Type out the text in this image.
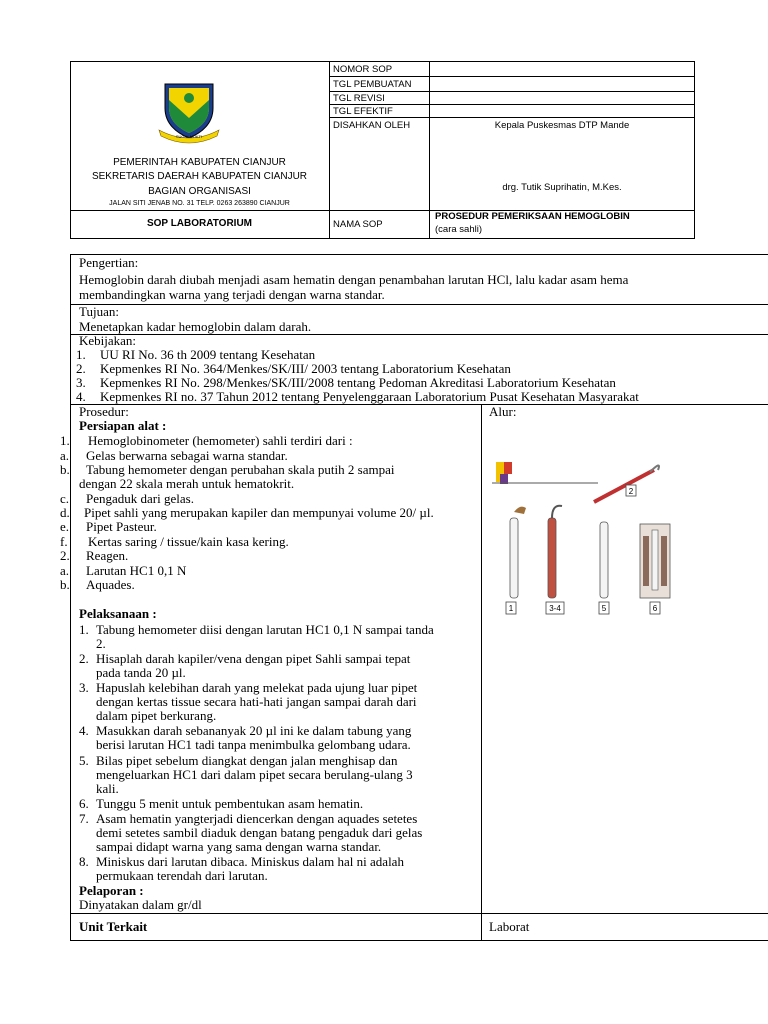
SUGIH MUKTI
PEMERINTAH KABUPATEN CIANJUR
SEKRETARIS DAERAH KABUPATEN CIANJUR
BAGIAN ORGANISASI
JALAN SITI JENAB NO. 31 TELP. 0263 263890 CIANJUR
SOP LABORATORIUM
NOMOR SOP
TGL PEMBUATAN
TGL REVISI
TGL EFEKTIF
DISAHKAN OLEH	Kepala Puskesmas DTP Mande
drg. Tutik Suprihatin, M.Kes.
NAMA SOP
PROSEDUR PEMERIKSAAN HEMOGLOBIN
(cara sahli)
Pengertian:
Hemoglobin darah diubah menjadi asam hematin dengan penambahan larutan HCl, lalu kadar asam hema
membandingkan warna yang terjadi dengan warna standar.
Tujuan:
Menetapkan kadar hemoglobin dalam darah.
Kebijakan:
1. UU RI No. 36 th 2009 tentang Kesehatan
2. Kepmenkes RI No. 364/Menkes/SK/III/ 2003 tentang Laboratorium Kesehatan
3. Kepmenkes RI No. 298/Menkes/SK/III/2008 tentang Pedoman Akreditasi Laboratorium Kesehatan
4. Kepmenkes RI no. 37 Tahun 2012 tentang Penyelenggaraan Laboratorium Pusat Kesehatan Masyarakat
Prosedur:
Persiapan alat :
1. Hemoglobinometer (hemometer) sahli terdiri dari :
a. Gelas berwarna sebagai warna standar.
b. Tabung hemometer dengan perubahan skala putih 2 sampai
dengan 22 skala merah untuk hematokrit.
c. Pengaduk dari gelas.
d. Pipet sahli yang merupakan kapiler dan mempunyai volume 20/ µl.
e. Pipet Pasteur.
f. Kertas saring / tissue/kain kasa kering.
2. Reagen.
a. Larutan HC1 0,1 N
b. Aquades.
Pelaksanaan :
1. Tabung hemometer diisi dengan larutan HC1 0,1 N sampai tanda
2.
2. Hisaplah darah kapiler/vena dengan pipet Sahli sampai tepat
pada tanda 20 µl.
3. Hapuslah kelebihan darah yang melekat pada ujung luar pipet
dengan kertas tissue secara hati-hati jangan sampai darah dari
dalam pipet berkurang.
4. Masukkan darah sebananyak 20 µl ini ke dalam tabung yang
berisi larutan HC1 tadi tanpa menimbulka gelombang udara.
5. Bilas pipet sebelum diangkat dengan jalan menghisap dan
mengeluarkan HC1 dari dalam pipet secara berulang-ulang 3
kali.
6. Tunggu 5 menit untuk pembentukan asam hematin.
7. Asam hematin yangterjadi diencerkan dengan aquades setetes
demi setetes sambil diaduk dengan batang pengaduk dari gelas
sampai didapt warna yang sama dengan warna standar.
8. Miniskus dari larutan dibaca. Miniskus dalam hal ni adalah
permukaan terendah dari larutan.
Pelaporan :
Dinyatakan dalam gr/dl
Alur:
2
1	3-4	5	6
Unit Terkait	Laborat
